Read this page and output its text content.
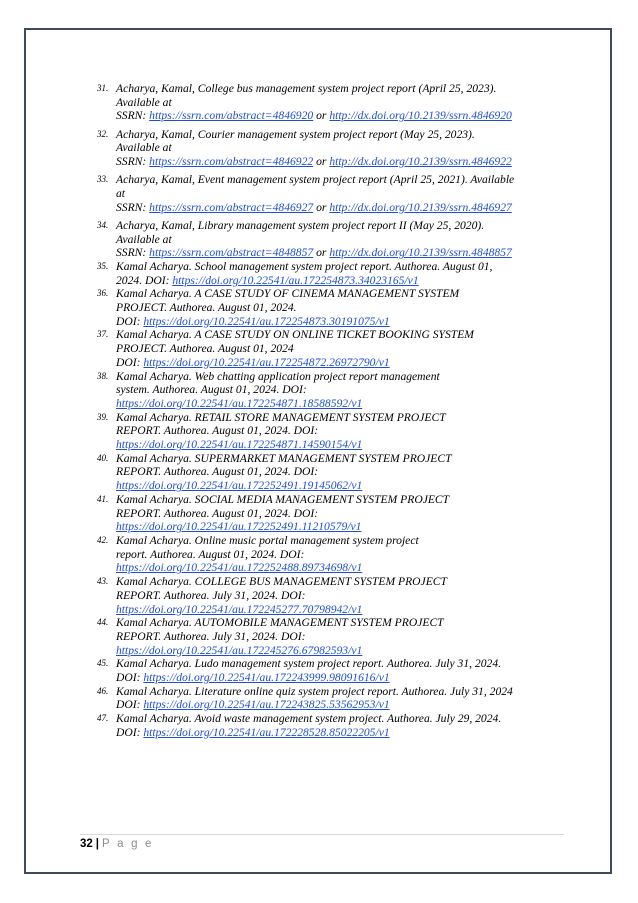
31. Acharya, Kamal, College bus management system project report (April 25, 2023).
Available at
SSRN: https://ssrn.com/abstract=4846920 or http://dx.doi.org/10.2139/ssrn.4846920
32. Acharya, Kamal, Courier management system project report (May 25, 2023).
Available at
SSRN: https://ssrn.com/abstract=4846922 or http://dx.doi.org/10.2139/ssrn.4846922
33. Acharya, Kamal, Event management system project report (April 25, 2021). Available
at
SSRN: https://ssrn.com/abstract=4846927 or http://dx.doi.org/10.2139/ssrn.4846927
34. Acharya, Kamal, Library management system project report II (May 25, 2020).
Available at
SSRN: https://ssrn.com/abstract=4848857 or http://dx.doi.org/10.2139/ssrn.4848857
35. Kamal Acharya. School management system project report. Authorea. August 01,
2024. DOI: https://doi.org/10.22541/au.172254873.34023165/v1
36. Kamal Acharya. A CASE STUDY OF CINEMA MANAGEMENT SYSTEM
PROJECT. Authorea. August 01, 2024.
DOI: https://doi.org/10.22541/au.172254873.30191075/v1
37. Kamal Acharya. A CASE STUDY ON ONLINE TICKET BOOKING SYSTEM
PROJECT. Authorea. August 01, 2024
DOI: https://doi.org/10.22541/au.172254872.26972790/v1
38. Kamal Acharya. Web chatting application project report management
system. Authorea. August 01, 2024. DOI:
https://doi.org/10.22541/au.172254871.18588592/v1
39. Kamal Acharya. RETAIL STORE MANAGEMENT SYSTEM PROJECT
REPORT. Authorea. August 01, 2024. DOI:
https://doi.org/10.22541/au.172254871.14590154/v1
40. Kamal Acharya. SUPERMARKET MANAGEMENT SYSTEM PROJECT
REPORT. Authorea. August 01, 2024. DOI:
https://doi.org/10.22541/au.172252491.19145062/v1
41. Kamal Acharya. SOCIAL MEDIA MANAGEMENT SYSTEM PROJECT
REPORT. Authorea. August 01, 2024. DOI:
https://doi.org/10.22541/au.172252491.11210579/v1
42. Kamal Acharya. Online music portal management system project
report. Authorea. August 01, 2024. DOI:
https://doi.org/10.22541/au.172252488.89734698/v1
43. Kamal Acharya. COLLEGE BUS MANAGEMENT SYSTEM PROJECT
REPORT. Authorea. July 31, 2024. DOI:
https://doi.org/10.22541/au.172245277.70798942/v1
44. Kamal Acharya. AUTOMOBILE MANAGEMENT SYSTEM PROJECT
REPORT. Authorea. July 31, 2024. DOI:
https://doi.org/10.22541/au.172245276.67982593/v1
45. Kamal Acharya. Ludo management system project report. Authorea. July 31, 2024.
DOI: https://doi.org/10.22541/au.172243999.98091616/v1
46. Kamal Acharya. Literature online quiz system project report. Authorea. July 31, 2024
DOI: https://doi.org/10.22541/au.172243825.53562953/v1
47. Kamal Acharya. Avoid waste management system project. Authorea. July 29, 2024.
DOI: https://doi.org/10.22541/au.172228528.85022205/v1
32 | P a g e
